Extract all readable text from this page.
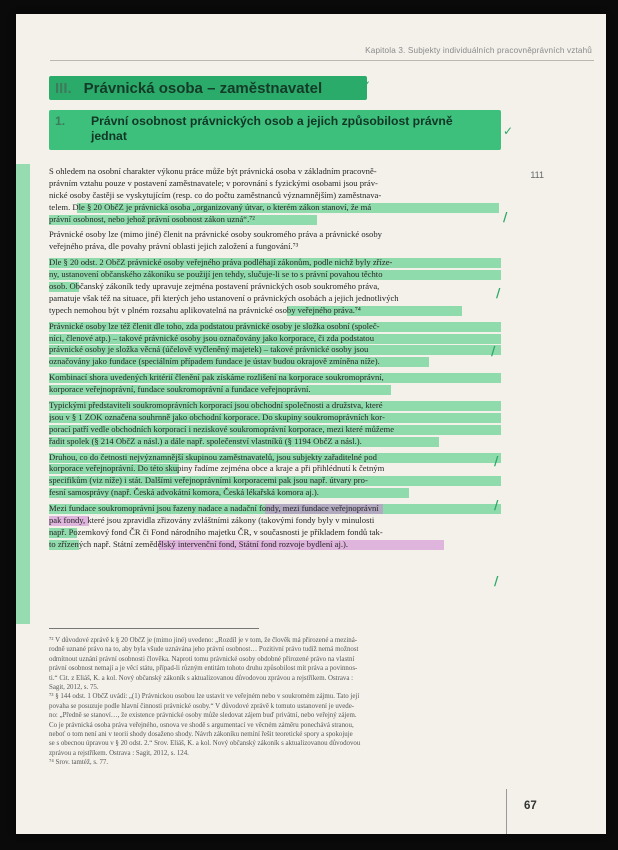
Kapitola 3. Subjekty individuálních pracovněprávních vztahů
III. Právnická osoba – zaměstnavatel	✓
1. Právní osobnost právnických osob a jejich způsobilost právně
jednat
111
S ohledem na osobní charakter výkonu práce může být právnická osoba v základním pracovně-
právním vztahu pouze v postavení zaměstnavatele; v porovnání s fyzickými osobami jsou práv-
nické osoby častěji se vyskytujícím (resp. co do počtu zaměstnanců významnějším) zaměstnava-
telem. Dle § 20 ObčZ je právnická osoba „organizovaný útvar, o kterém zákon stanoví, že má
právní osobnost, nebo jehož právní osobnost zákon uzná“.⁷²
Právnické osoby lze (mimo jiné) členit na právnické osoby soukromého práva a právnické osoby
veřejného práva, dle povahy právní oblasti jejich založení a fungování.⁷³
Dle § 20 odst. 2 ObčZ právnické osoby veřejného práva podléhají zákonům, podle nichž byly zříze-
ny, ustanovení občanského zákoníku se použijí jen tehdy, slučuje-li se to s právní povahou těchto
osob. Občanský zákoník tedy upravuje zejména postavení právnických osob soukromého práva,
pamatuje však též na situace, při kterých jeho ustanovení o právnických osobách a jejich jednotlivých
typech nemohou být v plném rozsahu aplikovatelná na právnické osoby veřejného práva.⁷⁴
Právnické osoby lze též členit dle toho, zda podstatou právnické osoby je složka osobní (společ-
níci, členové atp.) – takové právnické osoby jsou označovány jako korporace, či zda podstatou
právnické osoby je složka věcná (účelově vyčleněný majetek) – takové právnické osoby jsou
označovány jako fundace (speciálním případem fundace je ústav budou okrajově zmíněna níže).
Kombinací shora uvedených kritérií členění pak získáme rozlišení na korporace soukromoprávní,
korporace veřejnoprávní, fundace soukromoprávní a fundace veřejnoprávní.
Typickými představiteli soukromoprávních korporací jsou obchodní společnosti a družstva, které
jsou v § 1 ZOK označena souhrnně jako obchodní korporace. Do skupiny soukromoprávních kor-
porací patří vedle obchodních korporací i neziskové soukromoprávní korporace, mezi které můžeme
řadit spolek (§ 214 ObčZ a násl.) a dále např. společenství vlastníků (§ 1194 ObčZ a násl.).
Druhou, co do četnosti nejvýznamnější skupinou zaměstnavatelů, jsou subjekty zařaditelné pod
korporace veřejnoprávní. Do této skupiny řadíme zejména obce a kraje a při přihlédnutí k četným
specifikům (viz níže) i stát. Dalšími veřejnoprávními korporacemi pak jsou např. útvary pro-
fesní samosprávy (např. Česká advokátní komora, Česká lékařská komora aj.).
Mezi fundace soukromoprávní jsou řazeny nadace a nadační fondy, mezi fundace veřejnoprávní
pak fondy, které jsou zpravidla zřizovány zvláštními zákony (takovými fondy byly v minulosti
např. Pozemkový fond ČR či Fond národního majetku ČR, v současnosti je příkladem fondů tak-
to zřízených např. Státní zemědělský intervenční fond, Státní fond rozvoje bydlení aj.).
✓
/
/
/
/
/
/
⁷² V důvodové zprávě k § 20 ObčZ je (mimo jiné) uvedeno: „Rozdíl je v tom, že člověk má přirozené a meziná-
rodně uznané právo na to, aby byla všude uznávána jeho právní osobnost… Pozitivní právo tudíž nemá možnost
odmítnout uznání právní osobnosti člověka. Naproti tomu právnické osoby obdobné přirozené právo na vlastní
právní osobnost nemají a je věcí státu, případ-li různým entitám tohoto druhu způsobilost mít práva a povinnos-
ti.“ Cit. z Eliáš, K. a kol. Nový občanský zákoník s aktualizovanou důvodovou zprávou a rejstříkem. Ostrava :
Sagit, 2012, s. 75.
⁷³ § 144 odst. 1 ObčZ uvádí: „(1) Právnickou osobou lze ustavit ve veřejném nebo v soukromém zájmu. Tato její
povaha se posuzuje podle hlavní činnosti právnické osoby.“ V důvodové zprávě k tomuto ustanovení je uvede-
no: „Předně se stanoví…, že existence právnické osoby může sledovat zájem buď privátní, nebo veřejný zájem.
Co je právnická osoba práva veřejného, osnova ve shodě s argumentací ve věcném záměru ponechává stranou,
neboť o tom není ani v teorii shody dosaženo shody. Návrh zákoníku nemíní řešit teoretické spory a spokojuje
se s obecnou úpravou v § 20 odst. 2.“ Srov. Eliáš, K. a kol. Nový občanský zákoník s aktualizovanou důvodovou
zprávou a rejstříkem. Ostrava : Sagit, 2012, s. 124.
⁷⁴ Srov. tamtéž, s. 77.
67
